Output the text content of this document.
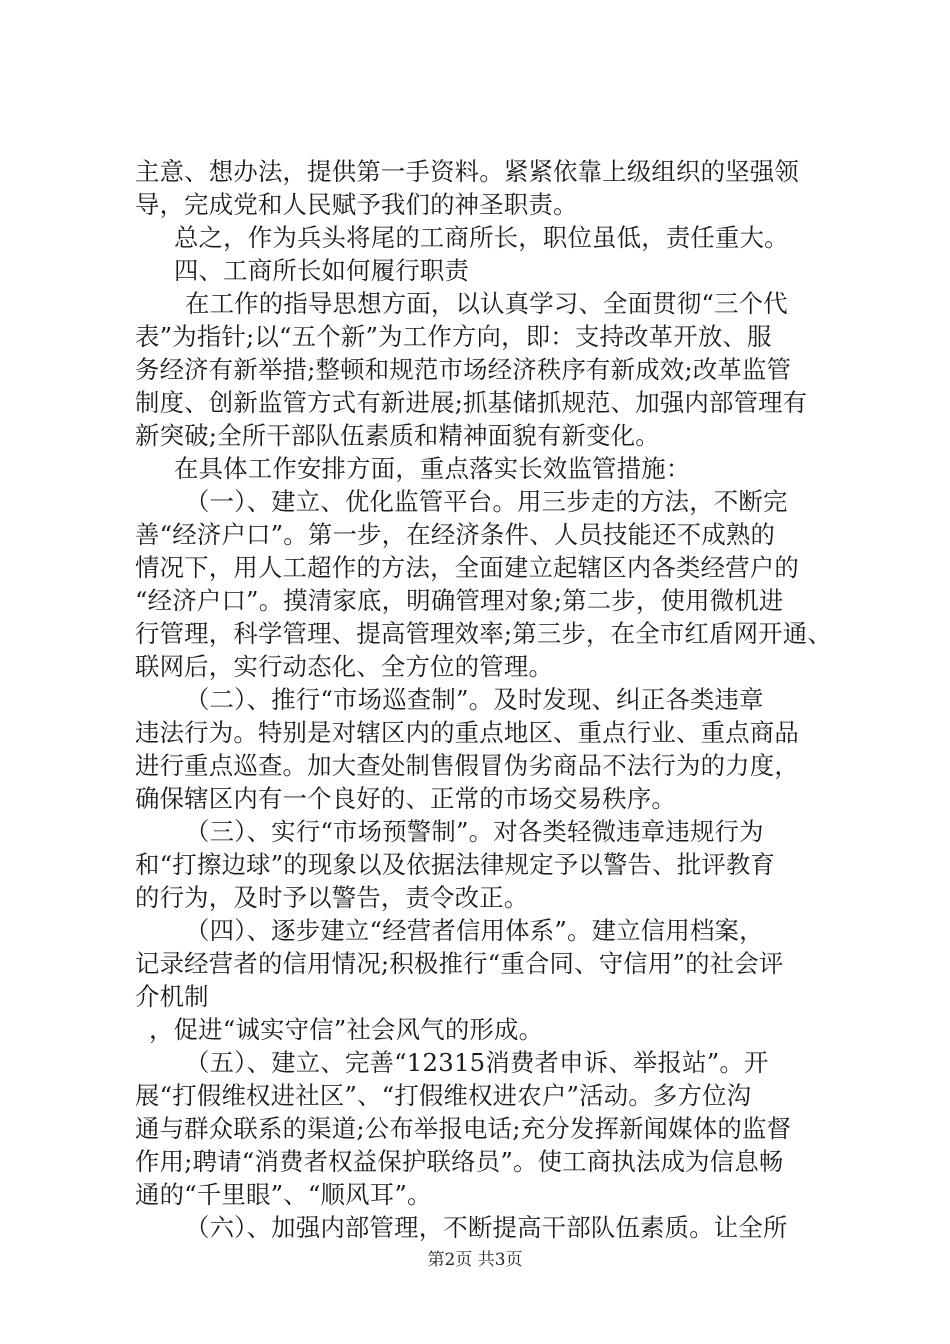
主意、想办法，提供第一手资料。紧紧依靠上级组织的坚强领
导，完成党和人民赋予我们的神圣职责。
总之，作为兵头将尾的工商所长，职位虽低，责任重大。
四、工商所长如何履行职责
在工作的指导思想方面，以认真学习、全面贯彻“三个代
表”为指针;以“五个新”为工作方向，即：支持改革开放、服
务经济有新举措;整顿和规范市场经济秩序有新成效;改革监管
制度、创新监管方式有新进展;抓基储抓规范、加强内部管理有
新突破;全所干部队伍素质和精神面貌有新变化。
在具体工作安排方面，重点落实长效监管措施：
（一）、建立、优化监管平台。用三步走的方法，不断完
善“经济户口”。第一步，在经济条件、人员技能还不成熟的
情况下，用人工超作的方法，全面建立起辖区内各类经营户的
“经济户口”。摸清家底，明确管理对象;第二步，使用微机进
行管理，科学管理、提高管理效率;第三步，在全市红盾网开通、
联网后，实行动态化、全方位的管理。
（二）、推行“市场巡查制”。及时发现、纠正各类违章
违法行为。特别是对辖区内的重点地区、重点行业、重点商品
进行重点巡查。加大查处制售假冒伪劣商品不法行为的力度，
确保辖区内有一个良好的、正常的市场交易秩序。
（三）、实行“市场预警制”。对各类轻微违章违规行为
和“打擦边球”的现象以及依据法律规定予以警告、批评教育
的行为，及时予以警告，责令改正。
（四）、逐步建立“经营者信用体系”。建立信用档案，
记录经营者的信用情况;积极推行“重合同、守信用”的社会评
介机制
，促进“诚实守信”社会风气的形成。
（五）、建立、完善“12315消费者申诉、举报站”。开
展“打假维权进社区”、“打假维权进农户”活动。多方位沟
通与群众联系的渠道;公布举报电话;充分发挥新闻媒体的监督
作用;聘请“消费者权益保护联络员”。使工商执法成为信息畅
通的“千里眼”、“顺风耳”。
（六）、加强内部管理，不断提高干部队伍素质。让全所
第2页 共3页
